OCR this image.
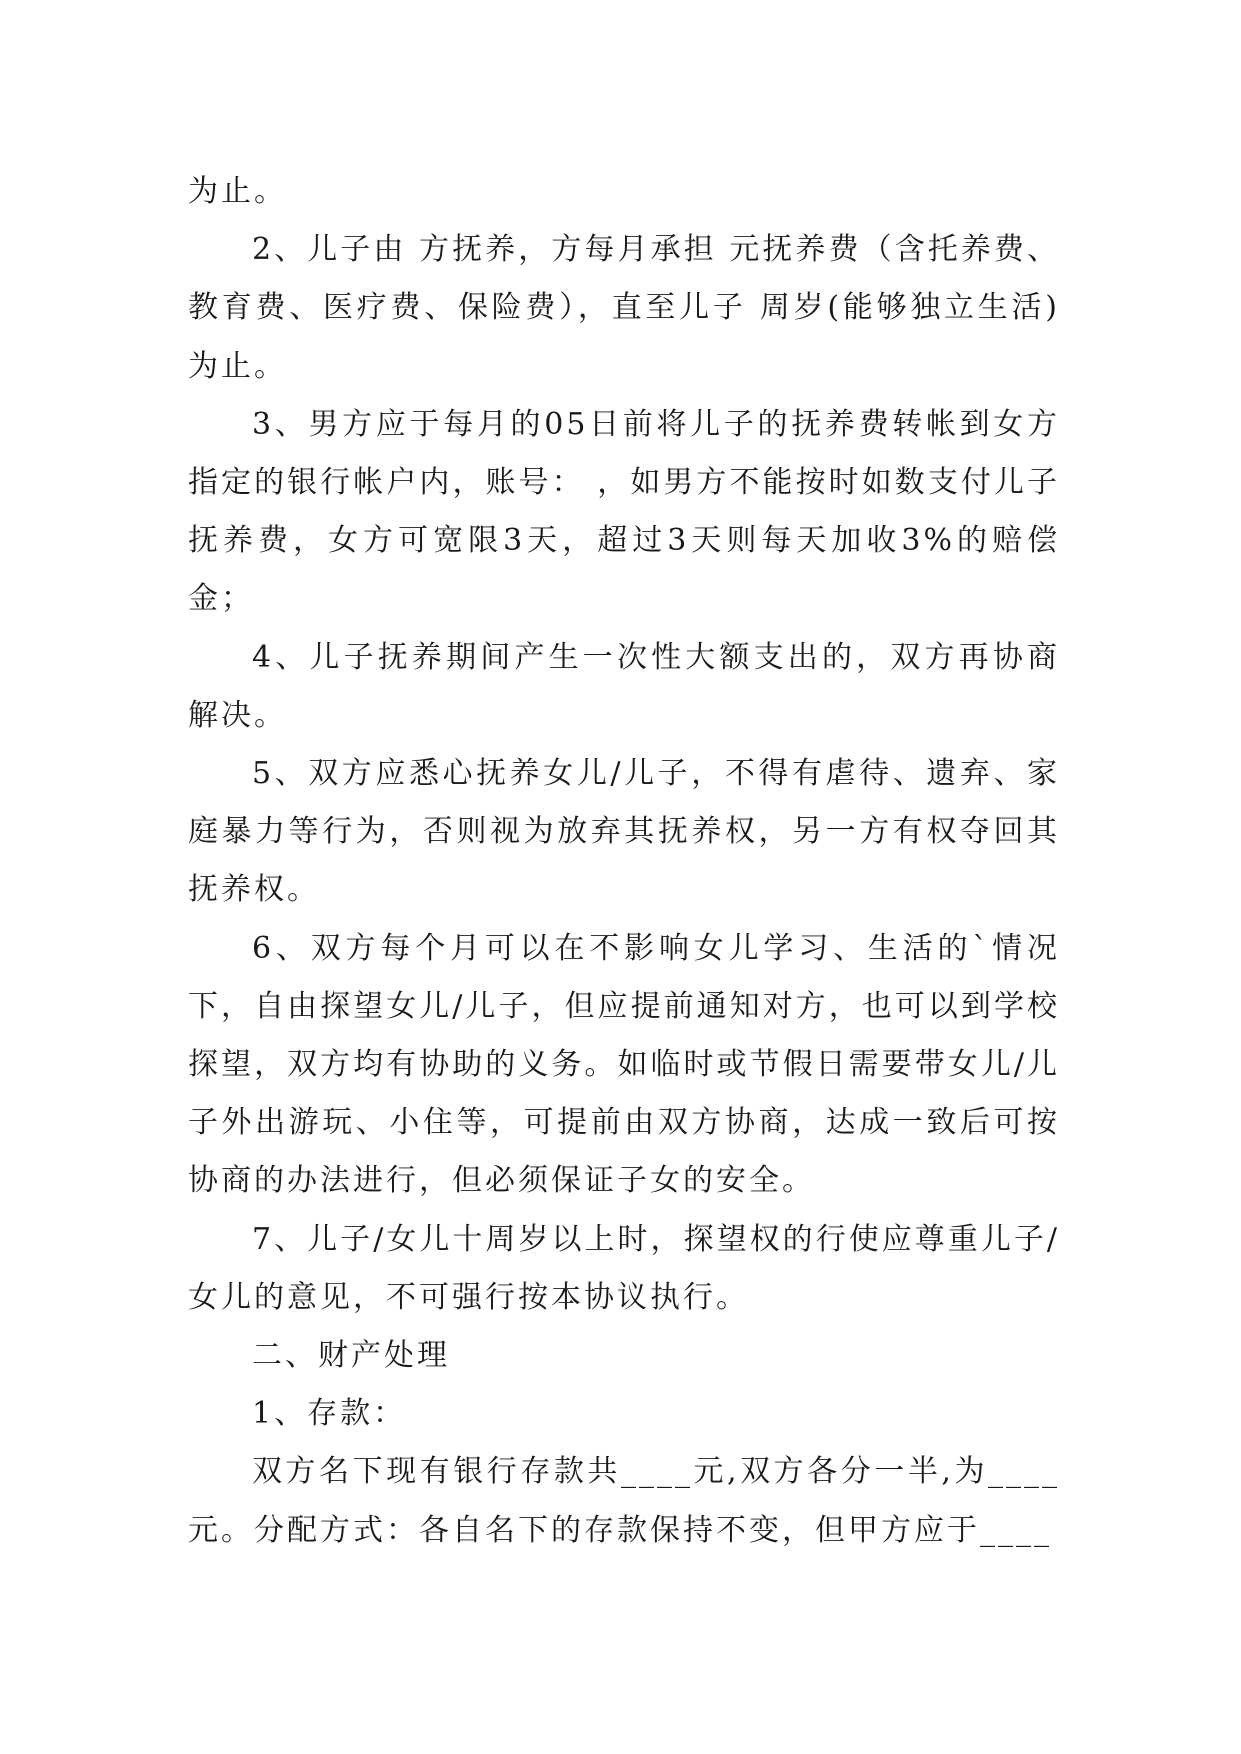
为止。

2、儿子由 方抚养，方每月承担 元抚养费（含托养费、教育费、医疗费、保险费），直至儿子 周岁(能够独立生活)为止。

3、男方应于每月的05日前将儿子的抚养费转帐到女方指定的银行帐户内，账号： ，如男方不能按时如数支付儿子抚养费，女方可宽限3天，超过3天则每天加收3%的赔偿金；

4、儿子抚养期间产生一次性大额支出的，双方再协商解决。

5、双方应悉心抚养女儿/儿子，不得有虐待、遗弃、家庭暴力等行为，否则视为放弃其抚养权，另一方有权夺回其抚养权。

6、双方每个月可以在不影响女儿学习、生活的`情况下，自由探望女儿/儿子，但应提前通知对方，也可以到学校探望，双方均有协助的义务。如临时或节假日需要带女儿/儿子外出游玩、小住等，可提前由双方协商，达成一致后可按协商的办法进行，但必须保证子女的安全。

7、儿子/女儿十周岁以上时，探望权的行使应尊重儿子/女儿的意见，不可强行按本协议执行。

二、财产处理

1、存款：

双方名下现有银行存款共____元,双方各分一半,为____元。分配方式：各自名下的存款保持不变，但甲方应于____
